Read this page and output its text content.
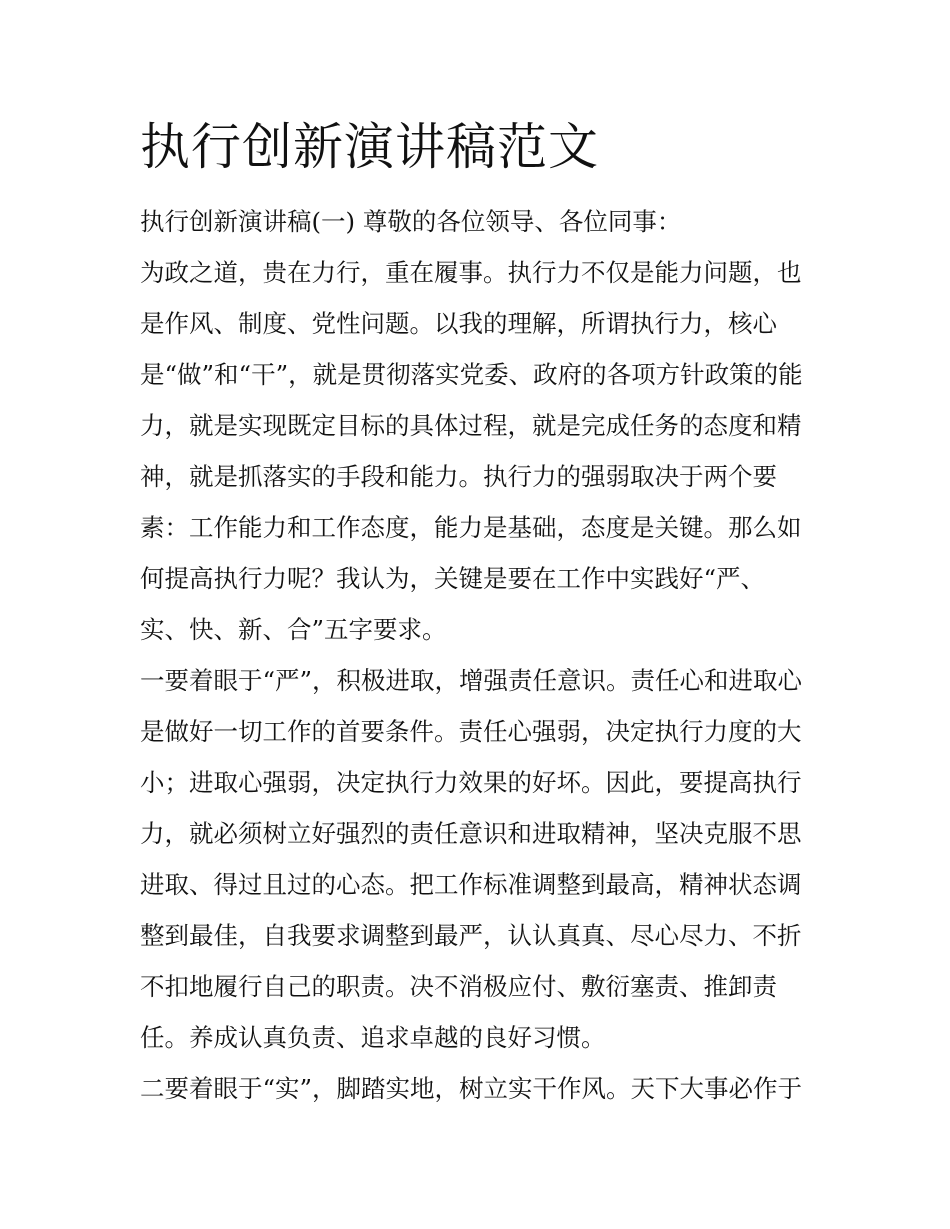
执行创新演讲稿范文

执行创新演讲稿(一) 尊敬的各位领导、各位同事：

为政之道，贵在力行，重在履事。执行力不仅是能力问题，也

是作风、制度、党性问题。以我的理解，所谓执行力，核心

是“做”和“干”，就是贯彻落实党委、政府的各项方针政策的能

力，就是实现既定目标的具体过程，就是完成任务的态度和精

神，就是抓落实的手段和能力。执行力的强弱取决于两个要

素：工作能力和工作态度，能力是基础，态度是关键。那么如

何提高执行力呢？我认为，关键是要在工作中实践好“严、

实、快、新、合”五字要求。

一要着眼于“严”，积极进取，增强责任意识。责任心和进取心

是做好一切工作的首要条件。责任心强弱，决定执行力度的大

小；进取心强弱，决定执行力效果的好坏。因此，要提高执行

力，就必须树立好强烈的责任意识和进取精神，坚决克服不思

进取、得过且过的心态。把工作标准调整到最高，精神状态调

整到最佳，自我要求调整到最严，认认真真、尽心尽力、不折

不扣地履行自己的职责。决不消极应付、敷衍塞责、推卸责

任。养成认真负责、追求卓越的良好习惯。

二要着眼于“实”，脚踏实地，树立实干作风。天下大事必作于
